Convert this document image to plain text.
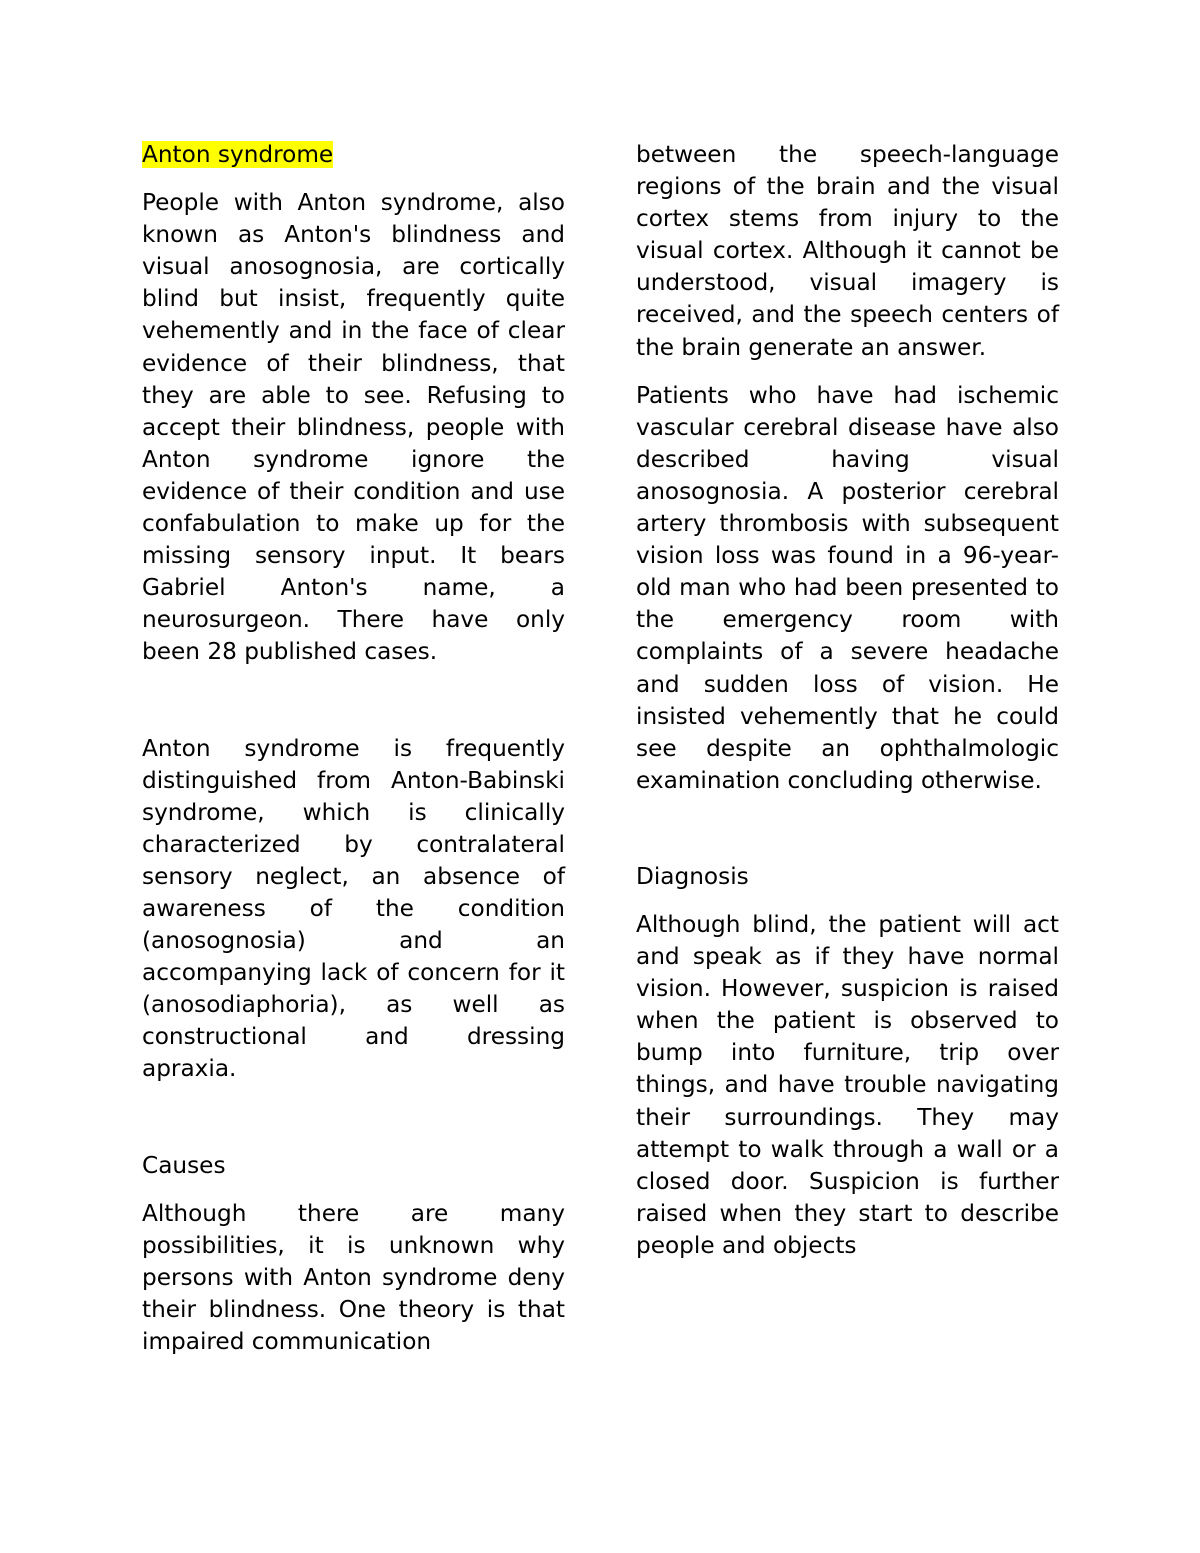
Anton syndrome

People with Anton syndrome, also known as Anton's blindness and visual anosognosia, are cortically blind but insist, frequently quite vehemently and in the face of clear evidence of their blindness, that they are able to see. Refusing to accept their blindness, people with Anton syndrome ignore the evidence of their condition and use confabulation to make up for the missing sensory input. It bears Gabriel Anton's name, a neurosurgeon. There have only been 28 published cases.

Anton syndrome is frequently distinguished from Anton-Babinski syndrome, which is clinically characterized by contralateral sensory neglect, an absence of awareness of the condition (anosognosia) and an accompanying lack of concern for it (anosodiaphoria), as well as constructional and dressing apraxia.

Causes

Although there are many possibilities, it is unknown why persons with Anton syndrome deny their blindness. One theory is that impaired communication

between the speech-language regions of the brain and the visual cortex stems from injury to the visual cortex. Although it cannot be understood, visual imagery is received, and the speech centers of the brain generate an answer.

Patients who have had ischemic vascular cerebral disease have also described having visual anosognosia. A posterior cerebral artery thrombosis with subsequent vision loss was found in a 96-year-old man who had been presented to the emergency room with complaints of a severe headache and sudden loss of vision. He insisted vehemently that he could see despite an ophthalmologic examination concluding otherwise.

Diagnosis

Although blind, the patient will act and speak as if they have normal vision. However, suspicion is raised when the patient is observed to bump into furniture, trip over things, and have trouble navigating their surroundings. They may attempt to walk through a wall or a closed door. Suspicion is further raised when they start to describe people and objects
